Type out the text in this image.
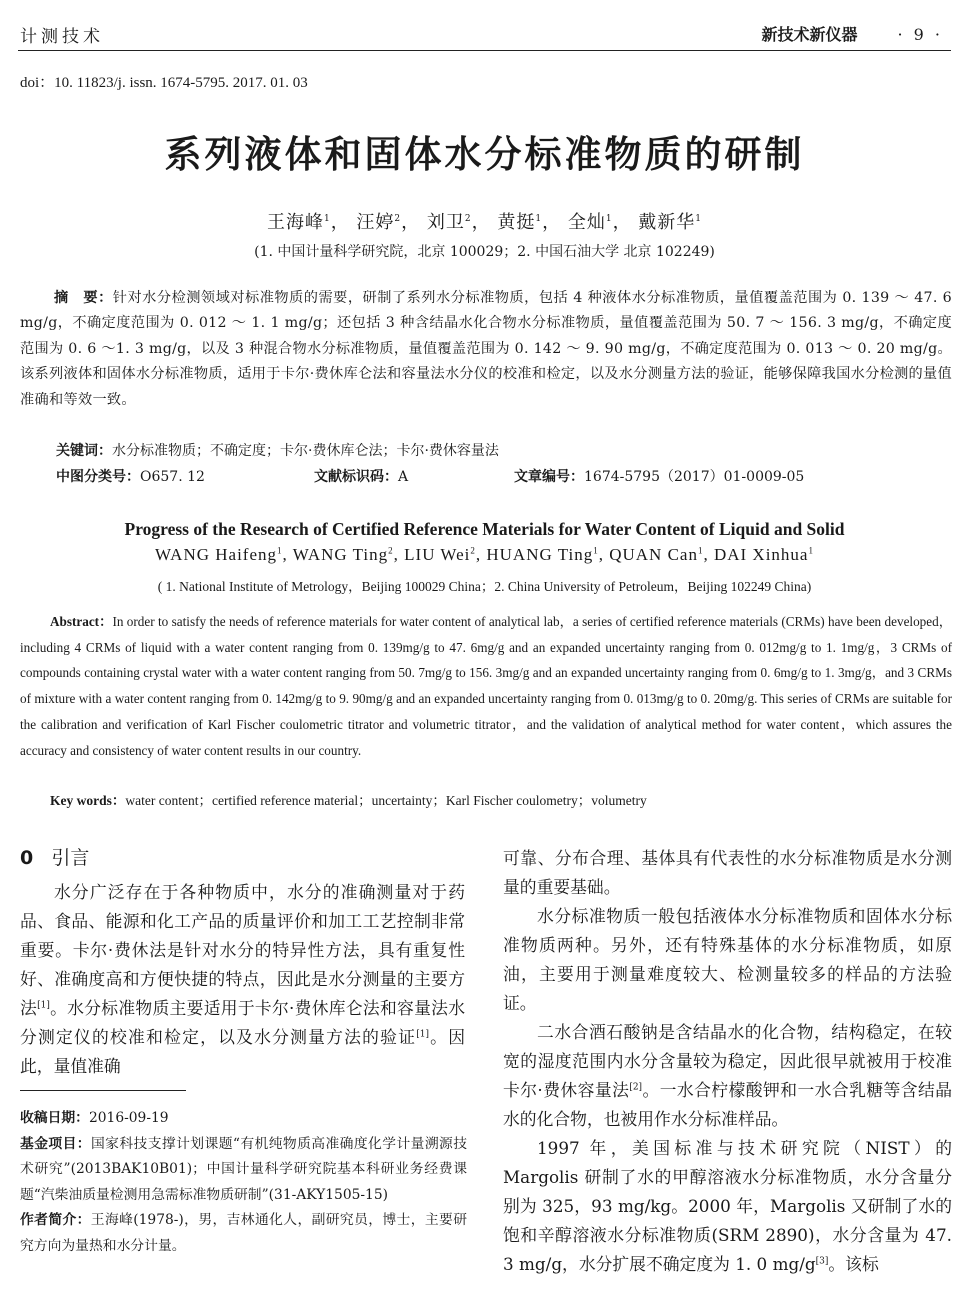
计测技术	新技术新仪器	· 9 ·
doi：10. 11823/j. issn. 1674-5795. 2017. 01. 03
系列液体和固体水分标准物质的研制
王海峰$^1$， 汪婷$^2$， 刘卫$^2$， 黄挺$^1$， 全灿$^1$， 戴新华$^1$
(1. 中国计量科学研究院，北京 100029；2. 中国石油大学 北京 102249)
摘　要：针对水分检测领域对标准物质的需要，研制了系列水分标准物质，包括 4 种液体水分标准物质，量值覆盖范围为 0. 139 ～ 47. 6 mg/g，不确定度范围为 0. 012 ～ 1. 1 mg/g；还包括 3 种含结晶水化合物水分标准物质，量值覆盖范围为 50. 7 ～ 156. 3 mg/g，不确定度范围为 0. 6 ～1. 3 mg/g，以及 3 种混合物水分标准物质，量值覆盖范围为 0. 142 ～ 9. 90 mg/g，不确定度范围为 0. 013 ～ 0. 20 mg/g。该系列液体和固体水分标准物质，适用于卡尔·费休库仑法和容量法水分仪的校准和检定，以及水分测量方法的验证，能够保障我国水分检测的量值准确和等效一致。
关键词：水分标准物质；不确定度；卡尔·费休库仑法；卡尔·费休容量法
中图分类号：O657. 12	文献标识码：A	文章编号：1674-5795（2017）01-0009-05
Progress of the Research of Certified Reference Materials for Water Content of Liquid and Solid
WANG Haifeng$^1$, WANG Ting$^2$, LIU Wei$^2$, HUANG Ting$^1$, QUAN Can$^1$, DAI Xinhua$^1$
( 1. National Institute of Metrology，Beijing 100029 China；2. China University of Petroleum，Beijing 102249 China)
Abstract：In order to satisfy the needs of reference materials for water content of analytical lab，a series of certified reference materials (CRMs) have been developed，including 4 CRMs of liquid with a water content ranging from 0. 139mg/g to 47. 6mg/g and an expanded uncertainty ranging from 0. 012mg/g to 1. 1mg/g，3 CRMs of compounds containing crystal water with a water content ranging from 50. 7mg/g to 156. 3mg/g and an expanded uncertainty ranging from 0. 6mg/g to 1. 3mg/g，and 3 CRMs of mixture with a water content ranging from 0. 142mg/g to 9. 90mg/g and an expanded uncertainty ranging from 0. 013mg/g to 0. 20mg/g. This series of CRMs are suitable for the calibration and verification of Karl Fischer coulometric titrator and volumetric titrator，and the validation of analytical method for water content，which assures the accuracy and consistency of water content results in our country.
Key words：water content；certified reference material；uncertainty；Karl Fischer coulometry；volumetry
0 引言

水分广泛存在于各种物质中，水分的准确测量对于药品、食品、能源和化工产品的质量评价和加工工艺控制非常重要。卡尔·费休法是针对水分的特异性方法，具有重复性好、准确度高和方便快捷的特点，因此是水分测量的主要方法[1]。水分标准物质主要适用于卡尔·费休库仑法和容量法水分测定仪的校准和检定，以及水分测量方法的验证[1]。因此，量值准确

可靠、分布合理、基体具有代表性的水分标准物质是水分测量的重要基础。

水分标准物质一般包括液体水分标准物质和固体水分标准物质两种。另外，还有特殊基体的水分标准物质，如原油，主要用于测量难度较大、检测量较多的样品的方法验证。

二水合酒石酸钠是含结晶水的化合物，结构稳定，在较宽的湿度范围内水分含量较为稳定，因此很早就被用于校准卡尔·费休容量法[2]。一水合柠檬酸钾和一水合乳糖等含结晶水的化合物，也被用作水分标准样品。

1997 年，美国标准与技术研究院（NIST）的 Margolis 研制了水的甲醇溶液水分标准物质，水分含量分别为 325，93 mg/kg。2000 年，Margolis 又研制了水的饱和辛醇溶液水分标准物质(SRM 2890)，水分含量为 47. 3 mg/g，水分扩展不确定度为 1. 0 mg/g[3]。该标

收稿日期：2016-09-19

基金项目：国家科技支撑计划课题“有机纯物质高准确度化学计量溯源技术研究”(2013BAK10B01)；中国计量科学研究院基本科研业务经费课题“汽柴油质量检测用急需标准物质研制”(31-AKY1505-15)

作者简介：王海峰(1978-)，男，吉林通化人，副研究员，博士，主要研究方向为量热和水分计量。
